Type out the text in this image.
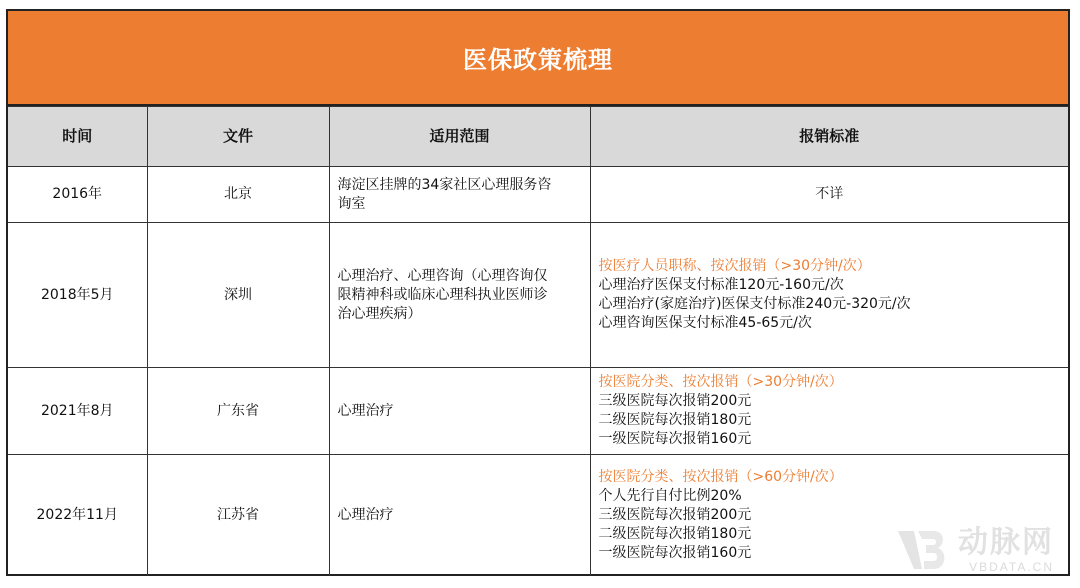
医保政策梳理
时间	文件	适用范围	报销标准
2016年	北京	海淀区挂牌的34家社区心理服务咨
询室	不详
2018年5月	深圳	心理治疗、心理咨询（心理咨询仅
限精神科或临床心理科执业医师诊
治心理疾病）	按医疗人员职称、按次报销（>30分钟/次）
心理治疗医保支付标准120元-160元/次
心理治疗(家庭治疗)医保支付标准240元-320元/次
心理咨询医保支付标准45-65元/次

2021年8月	广东省	心理治疗	按医院分类、按次报销（>30分钟/次）
三级医院每次报销200元
二级医院每次报销180元
一级医院每次报销160元

2022年11月	江苏省	心理治疗	按医院分类、按次报销（>60分钟/次）
个人先行自付比例20%
三级医院每次报销200元
二级医院每次报销180元
一级医院每次报销160元	动脉网
VBDATA.CN
